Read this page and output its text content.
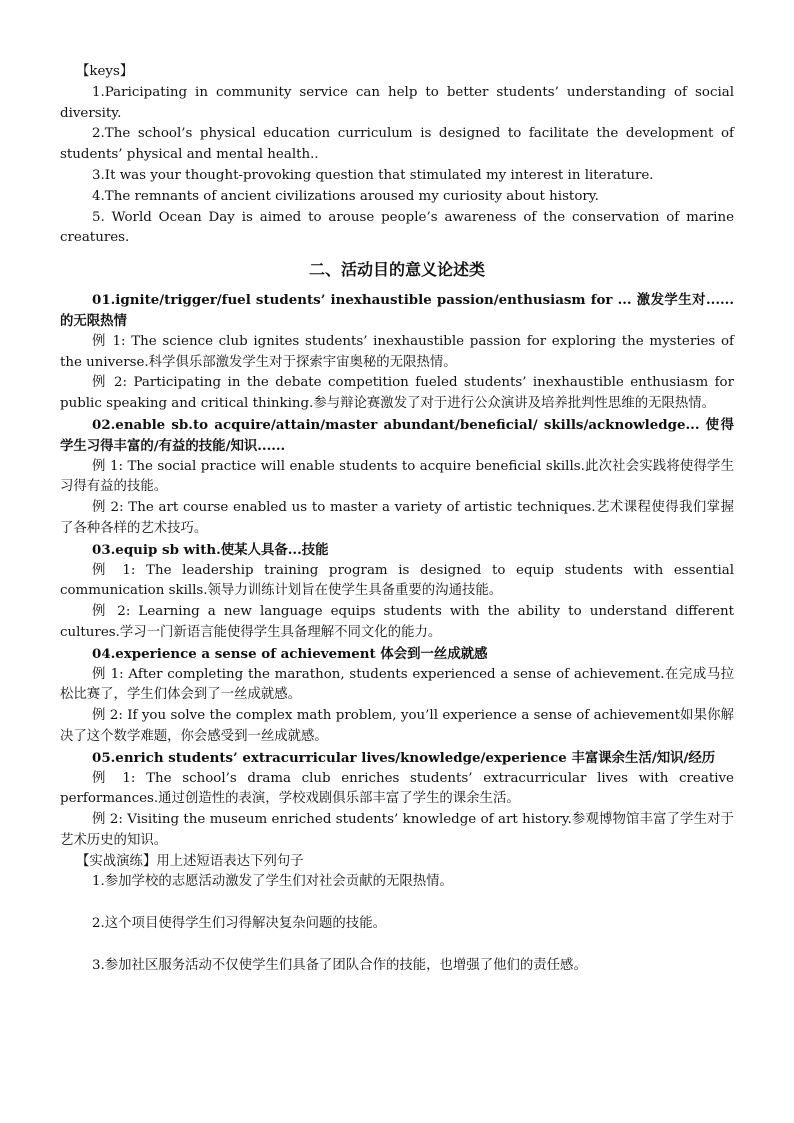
【keys】

1.Paricipating in community service can help to better students’ understanding of social diversity.

2.The school’s physical education curriculum is designed to facilitate the development of students’ physical and mental health..

3.It was your thought-provoking question that stimulated my interest in literature.

4.The remnants of ancient civilizations aroused my curiosity about history.

5. World Ocean Day is aimed to arouse people’s awareness of the conservation of marine creatures.

二、活动目的意义论述类

01.ignite/trigger/fuel students’ inexhaustible passion/enthusiasm for ... 激发学生对...... 的无限热情

例 1: The science club ignites students’ inexhaustible passion for exploring the mysteries of the universe.科学俱乐部激发学生对于探索宇宙奥秘的无限热情。

例 2: Participating in the debate competition fueled students’ inexhaustible enthusiasm for public speaking and critical thinking.参与辩论赛激发了对于进行公众演讲及培养批判性思维的无限热情。

02.enable sb.to acquire/attain/master abundant/beneficial/ skills/acknowledge... 使得学生习得丰富的/有益的技能/知识......

例 1: The social practice will enable students to acquire beneficial skills.此次社会实践将使得学生习得有益的技能。

例 2: The art course enabled us to master a variety of artistic techniques.艺术课程使得我们掌握了各种各样的艺术技巧。

03.equip sb with.使某人具备...技能

例 1: The leadership training program is designed to equip students with essential communication skills.领导力训练计划旨在使学生具备重要的沟通技能。

例 2: Learning a new language equips students with the ability to understand different cultures.学习一门新语言能使得学生具备理解不同文化的能力。

04.experience a sense of achievement 体会到一丝成就感

例 1: After completing the marathon, students experienced a sense of achievement.在完成马拉松比赛了，学生们体会到了一丝成就感。

例 2: If you solve the complex math problem, you’ll experience a sense of achievement如果你解决了这个数学难题，你会感受到一丝成就感。

05.enrich students’ extracurricular lives/knowledge/experience 丰富课余生活/知识/经历

例 1: The school’s drama club enriches students’ extracurricular lives with creative performances.通过创造性的表演，学校戏剧俱乐部丰富了学生的课余生活。

例 2: Visiting the museum enriched students’ knowledge of art history.参观博物馆丰富了学生对于艺术历史的知识。

【实战演练】用上述短语表达下列句子

1.参加学校的志愿活动激发了学生们对社会贡献的无限热情。

2.这个项目使得学生们习得解决复杂问题的技能。

3.参加社区服务活动不仅使学生们具备了团队合作的技能，也增强了他们的责任感。
